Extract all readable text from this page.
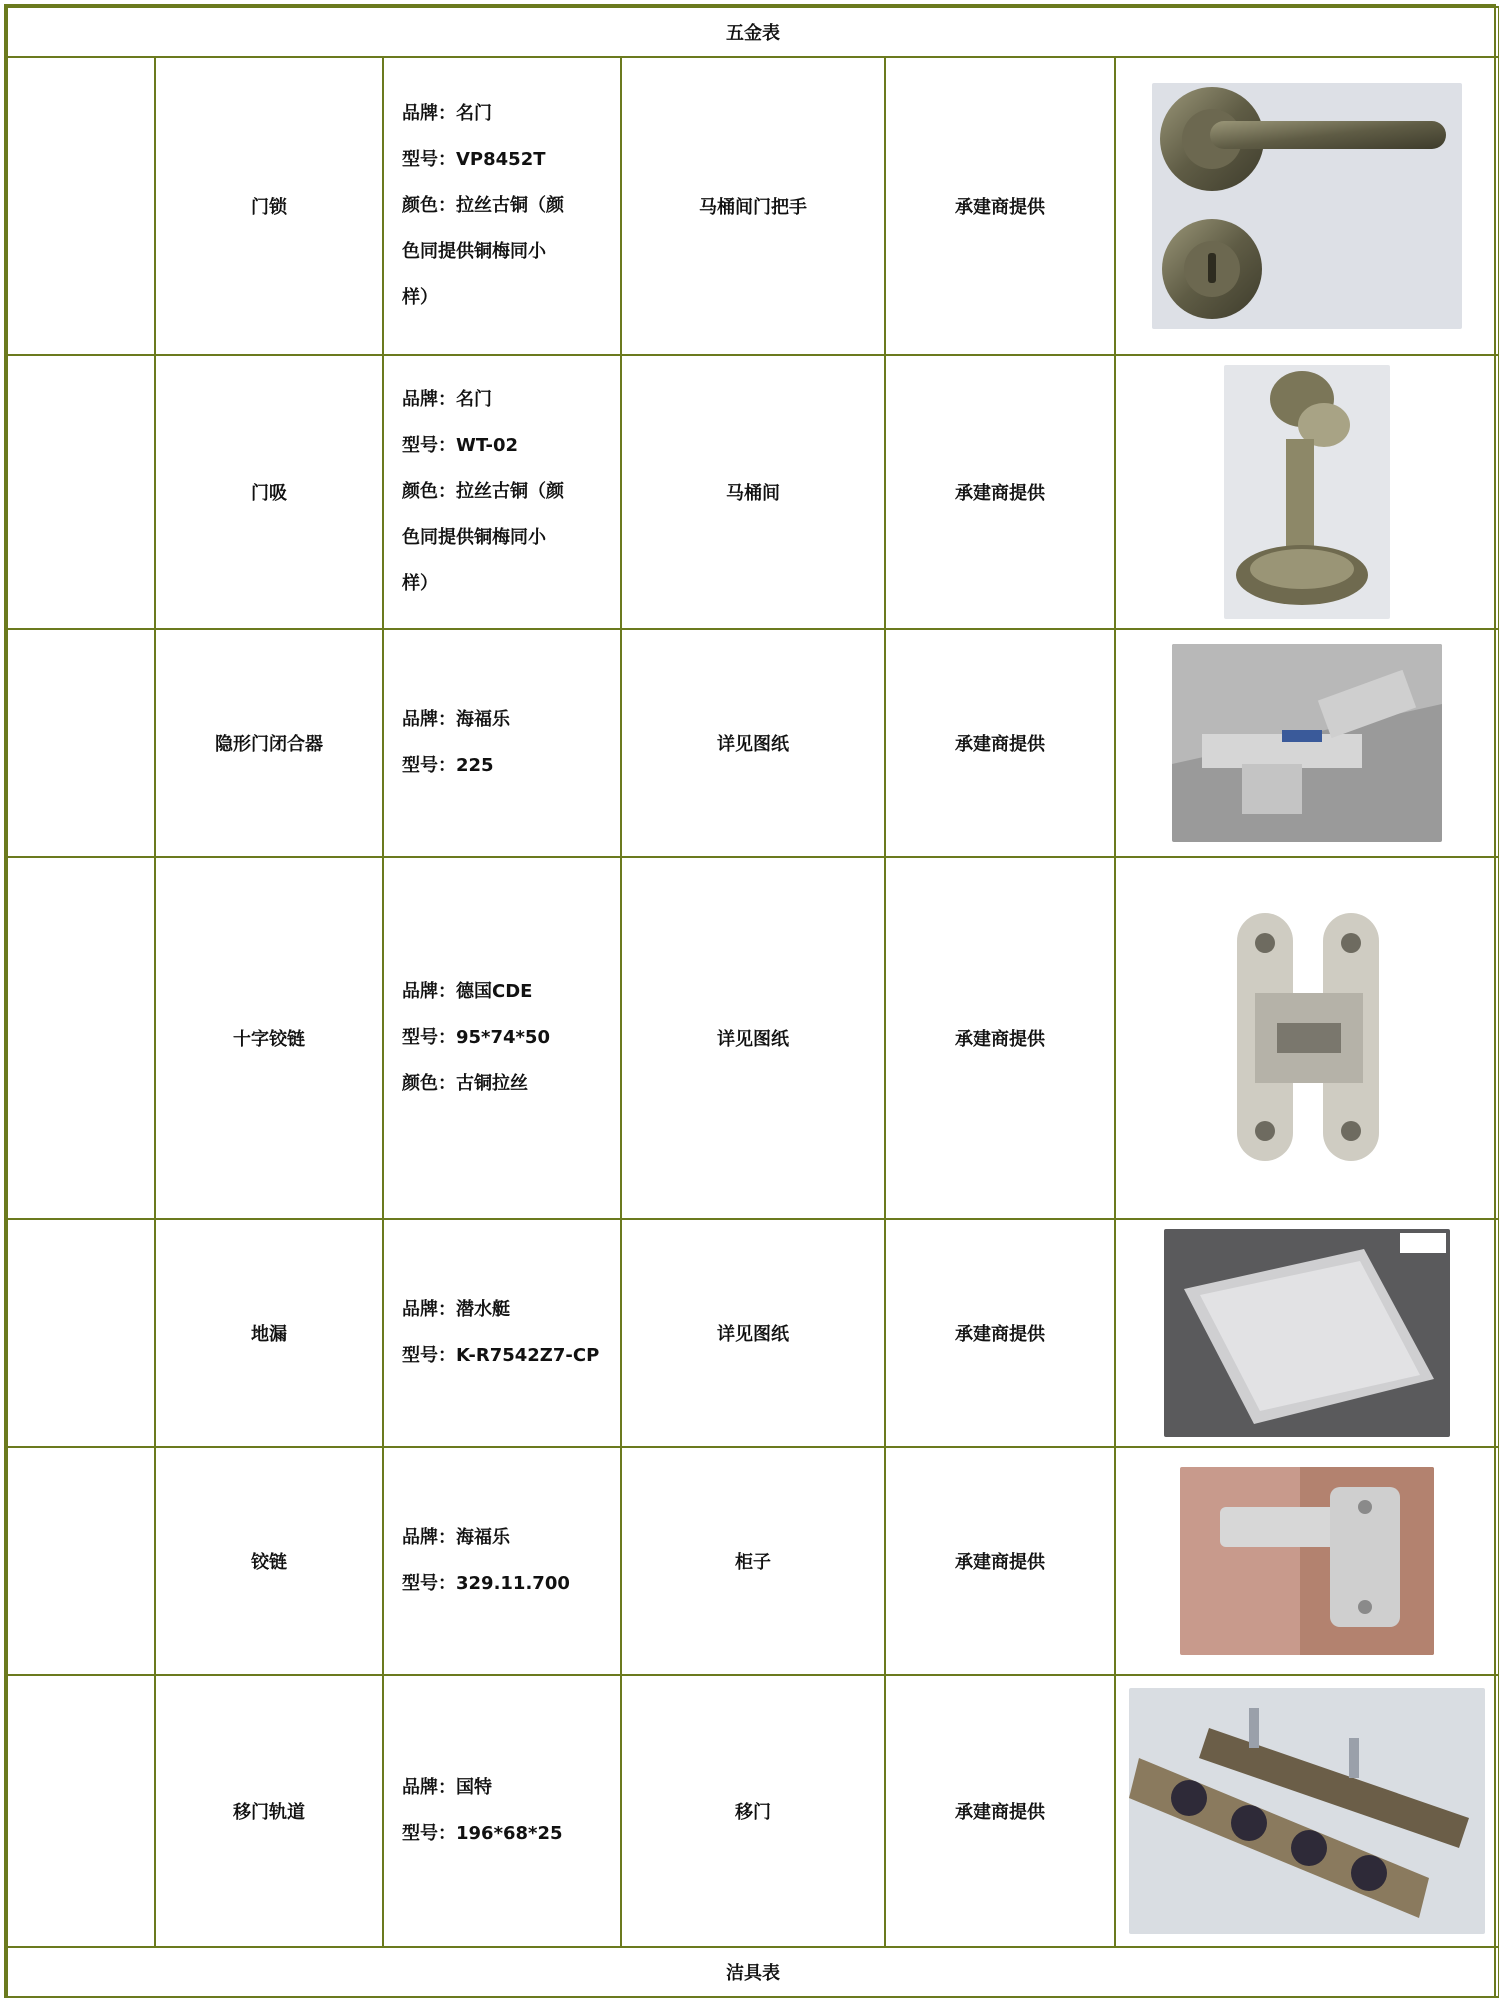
五金表					
	门锁	品牌：名门
型号：VP8452T
颜色：拉丝古铜（颜
色同提供铜梅同小
样）	马桶间门把手	承建商提供	

	门吸	品牌：名门
型号：WT-02
颜色：拉丝古铜（颜
色同提供铜梅同小
样）	马桶间	承建商提供	

	隐形门闭合器	品牌：海福乐
型号：225	详见图纸	承建商提供	

	十字铰链	品牌：德国CDE
型号：95*74*50
颜色：古铜拉丝	详见图纸	承建商提供	

	地漏	品牌：潜水艇
型号：K-R7542Z7-CP	详见图纸	承建商提供	

	铰链	品牌：海福乐
型号：329.11.700	柜子	承建商提供	

	移门轨道	品牌：国特
型号：196*68*25	移门	承建商提供	

洁具表					
